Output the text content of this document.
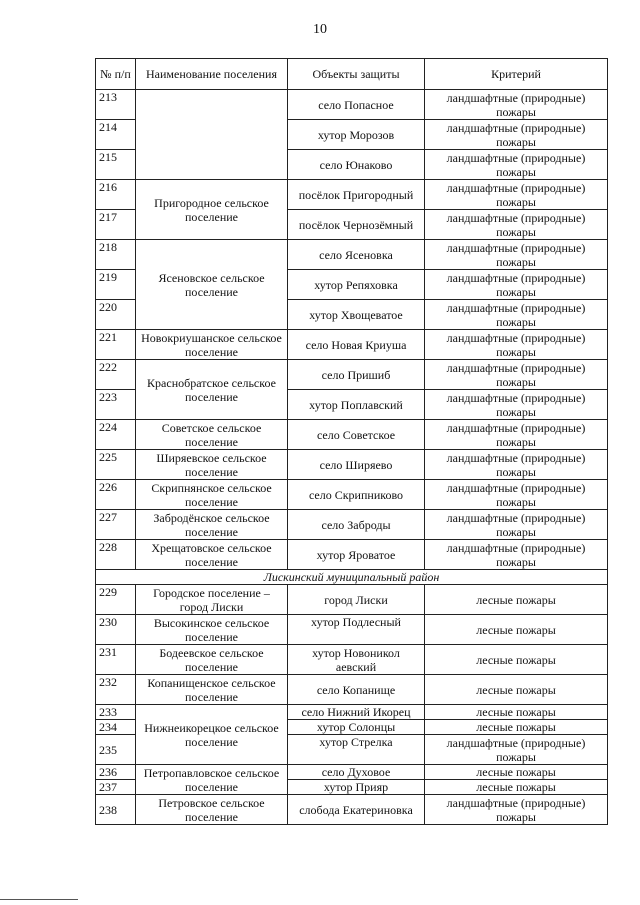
10
№ п/п	Наименование поселения	Объекты защиты	Критерий
213		село Попасное	ландшафтные (природные) пожары
214		хутор Морозов	ландшафтные (природные) пожары
215		село Юнаково	ландшафтные (природные) пожары
216	Пригородное сельское поселение	посёлок Пригородный	ландшафтные (природные) пожары
217		посёлок Чернозёмный	ландшафтные (природные) пожары
218	Ясеновское сельское поселение	село Ясеновка	ландшафтные (природные) пожары
219		хутор Репяховка	ландшафтные (природные) пожары
220		хутор Хвощеватое	ландшафтные (природные) пожары
221	Новокриушанское сельское поселение	село Новая Криуша	ландшафтные (природные) пожары
222	Краснобратское сельское поселение	село Пришиб	ландшафтные (природные) пожары
223		хутор Поплавский	ландшафтные (природные) пожары
224	Советское сельское поселение	село Советское	ландшафтные (природные) пожары
225	Ширяевское сельское поселение	село Ширяево	ландшафтные (природные) пожары
226	Скрипнянское сельское поселение	село Скрипниково	ландшафтные (природные) пожары
227	Забродёнское сельское поселение	село Заброды	ландшафтные (природные) пожары
228	Хрещатовское сельское поселение	хутор Яроватое	ландшафтные (природные) пожары
Лискинский муниципальный район			
229	Городское поселение – город Лиски	город Лиски	лесные пожары
230	Высокинское сельское поселение	хутор Подлесный	лесные пожары
231	Бодеевское сельское поселение	хутор Новоникол аевский	лесные пожары
232	Копанищенское сельское поселение	село Копанище	лесные пожары
233	Нижнеикорецкое сельское поселение	село Нижний Икорец	лесные пожары
234		хутор Солонцы	лесные пожары
235		хутор Стрелка	ландшафтные (природные) пожары
236	Петропавловское сельское поселение	село Духовое	лесные пожары
237		хутор Прияр	лесные пожары
238	Петровское сельское поселение	слобода Екатериновка	ландшафтные (природные) пожары
